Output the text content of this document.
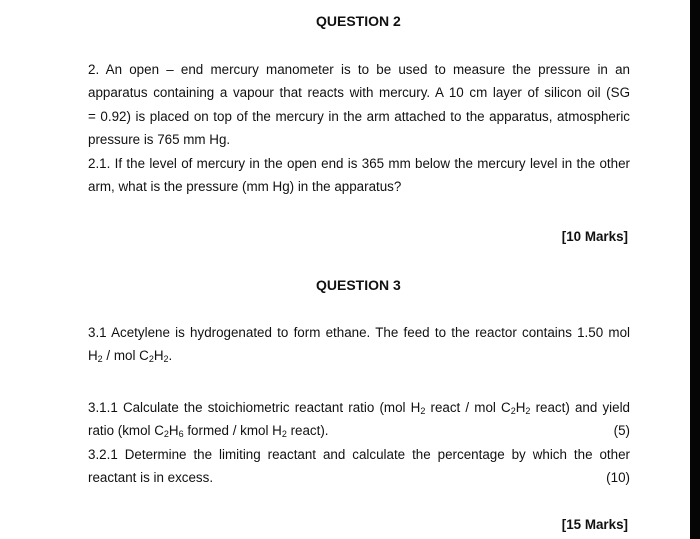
QUESTION 2
2. An open – end mercury manometer is to be used to measure the pressure in an
apparatus containing a vapour that reacts with mercury. A 10 cm layer of silicon oil (SG
= 0.92) is placed on top of the mercury in the arm attached to the apparatus, atmospheric
pressure is 765 mm Hg.
2.1. If the level of mercury in the open end is 365 mm below the mercury level in the other
arm, what is the pressure (mm Hg) in the apparatus?
[10 Marks]
QUESTION 3
3.1 Acetylene is hydrogenated to form ethane. The feed to the reactor contains 1.50 mol
$H_2$ / mol $C_2H_2$.
3.1.1 Calculate the stoichiometric reactant ratio (mol $H_2$ react / mol $C_2H_2$ react) and yield
ratio (kmol $C_2H_6$ formed / kmol $H_2$ react).	(5)
3.2.1 Determine the limiting reactant and calculate the percentage by which the other
reactant is in excess.	(10)
[15 Marks]
